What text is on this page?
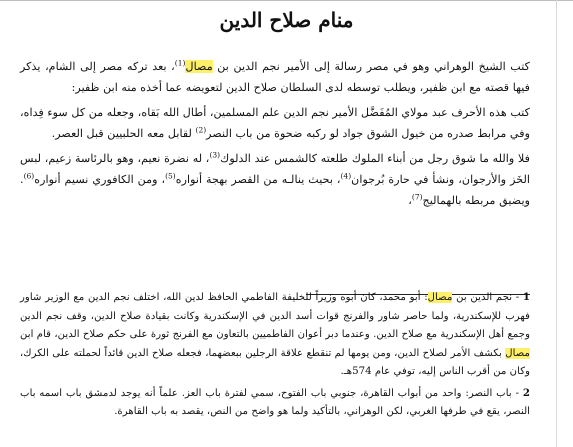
منام صلاح الدين

كتب الشيخ الوهراني وهو في مصر رسالة إلى الأمير نجم الدين بن مصال$^{(1)}$، بعد تركه مصر إلى الشام، يذكر فيها قصته مع ابن ظفير، ويطلب توسطه لدى السلطان صلاح الدين لتعويضه عما أخذه منه ابن ظفير:

كتب هذه الأحرف عبد مولاي المُفَضَّل الأمير نجم الدين علم المسلمين، أطال الله بَقاه، وجعله من كل سوء فِداه، وفي مرابط صدره من خيول الشوق جواد لو ركبه ضحوة من باب النصر$^{(2)}$ لقابل معه الحلبيين قبل العصر.

فلا والله ما شوق رجل من أبناء الملوك طلعته كالشمس عند الدلوك$^{(3)}$، له نضرة نعيم، وهو بالرئاسة زعيم، لبس الخَز والأرجوان، ونشأ في حارة بُرجوان$^{(4)}$، بحيث ينالـه من القصر بهجة أنواره$^{(5)}$، ومن الكافوري نسيم أنواره$^{(6)}$. ويضيق مربطه بالهماليج$^{(7)}$،

1 - نجم الدين بن مصال: أبو محمد، كان أبوه وزيراً للخليفة الفاطمي الحافظ لدين الله، اختلف نجم الدين مع الوزير شاور فهرب للإسكندرية، ولما حاصر شاور والفرنج قوات أسد الدين في الإسكندرية وكانت بقيادة صلاح الدين، وقف نجم الدين وجمع أهل الإسكندرية مع صلاح الدين. وعندما دبر أعوان الفاطميين بالتعاون مع الفرنج ثورة على حكم صلاح الدين، قام ابن مصال بكشف الأمر لصلاح الدين، ومن يومها لم تنقطع علاقة الرجلين ببعضهما، فجعله صلاح الدين قائداً لحملته على الكرك، وكان من أقرب الناس إليه، توفي عام 574هـ.

2 - باب النصر: واحد من أبواب القاهرة، جنوبي باب الفتوح، سمي لفترة باب العز. علماً أنه يوجد لدمشق باب اسمه باب النصر، يقع في طرفها الغربي، لكن الوهراني، بالتأكيد ولما هو واضح من النص، يقصد به باب القاهرة.
